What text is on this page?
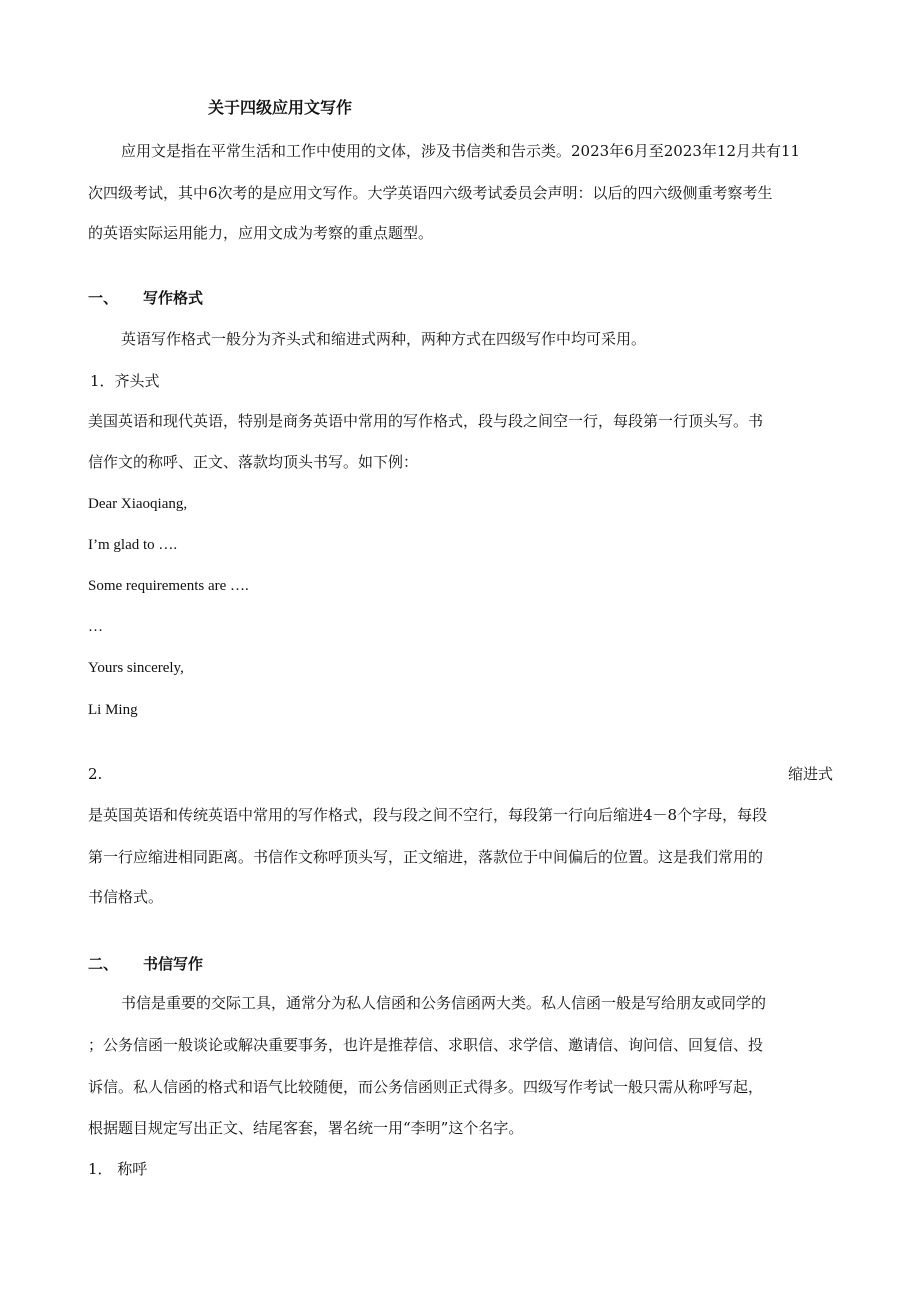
关于四级应用文写作
应用文是指在平常生活和工作中使用的文体，涉及书信类和告示类。2023年6月至2023年12月共有11
次四级考试，其中6次考的是应用文写作。大学英语四六级考试委员会声明：以后的四六级侧重考察考生
的英语实际运用能力，应用文成为考察的重点题型。
一、 写作格式
英语写作格式一般分为齐头式和缩进式两种，两种方式在四级写作中均可采用。
1．齐头式
美国英语和现代英语，特别是商务英语中常用的写作格式，段与段之间空一行，每段第一行顶头写。书
信作文的称呼、正文、落款均顶头书写。如下例：
Dear Xiaoqiang,
I’m glad to ….
Some requirements are ….
…
Yours sincerely,
Li Ming
2.	缩进式
是英国英语和传统英语中常用的写作格式，段与段之间不空行，每段第一行向后缩进4－8个字母，每段
第一行应缩进相同距离。书信作文称呼顶头写，正文缩进，落款位于中间偏后的位置。这是我们常用的
书信格式。
二、 书信写作
书信是重要的交际工具，通常分为私人信函和公务信函两大类。私人信函一般是写给朋友或同学的
；公务信函一般谈论或解决重要事务，也许是推荐信、求职信、求学信、邀请信、询问信、回复信、投
诉信。私人信函的格式和语气比较随便，而公务信函则正式得多。四级写作考试一般只需从称呼写起，
根据题目规定写出正文、结尾客套，署名统一用“李明”这个名字。
1． 称呼
